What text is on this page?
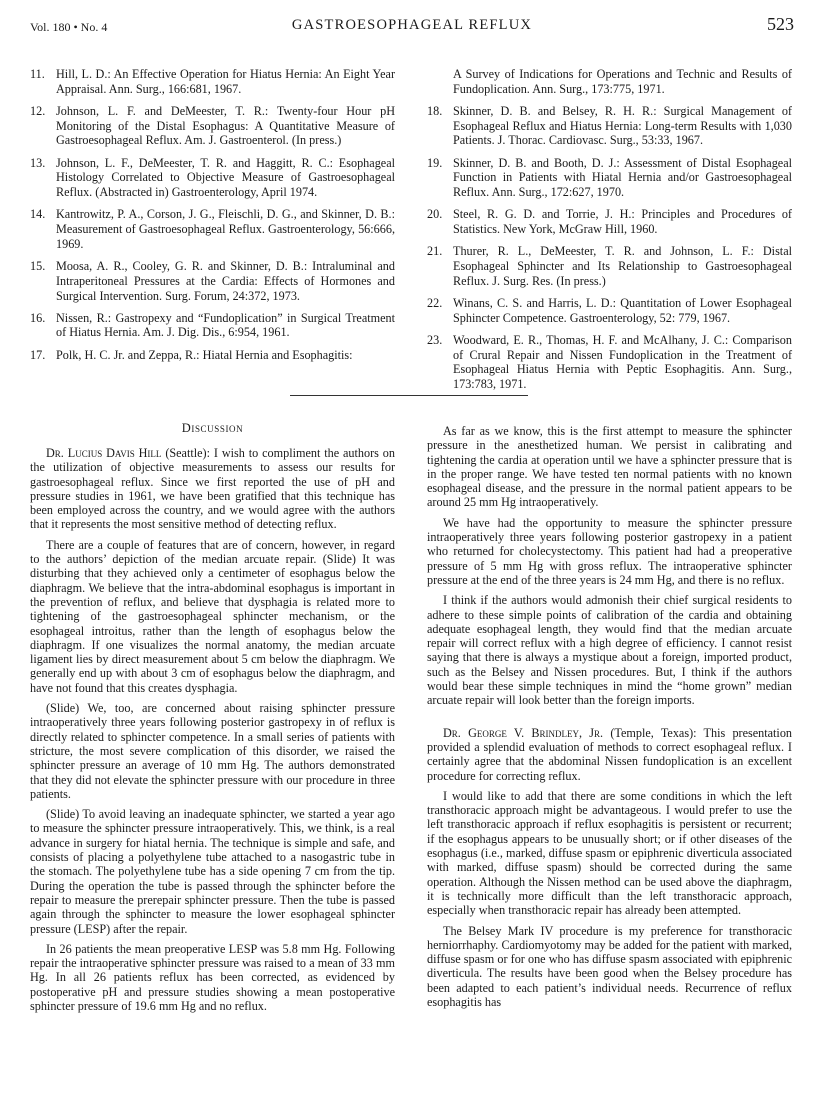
Vol. 180 • No. 4	GASTROESOPHAGEAL REFLUX	523
11. Hill, L. D.: An Effective Operation for Hiatus Hernia: An Eight Year Appraisal. Ann. Surg., 166:681, 1967.
12. Johnson, L. F. and DeMeester, T. R.: Twenty-four Hour pH Monitoring of the Distal Esophagus: A Quantitative Measure of Gastroesophageal Reflux. Am. J. Gastroenterol. (In press.)
13. Johnson, L. F., DeMeester, T. R. and Haggitt, R. C.: Esophageal Histology Correlated to Objective Measure of Gastroesophageal Reflux. (Abstracted in) Gastroenterology, April 1974.
14. Kantrowitz, P. A., Corson, J. G., Fleischli, D. G., and Skinner, D. B.: Measurement of Gastroesophageal Reflux. Gastroenterology, 56:666, 1969.
15. Moosa, A. R., Cooley, G. R. and Skinner, D. B.: Intraluminal and Intraperitoneal Pressures at the Cardia: Effects of Hormones and Surgical Intervention. Surg. Forum, 24:372, 1973.
16. Nissen, R.: Gastropexy and “Fundoplication” in Surgical Treatment of Hiatus Hernia. Am. J. Dig. Dis., 6:954, 1961.
17. Polk, H. C. Jr. and Zeppa, R.: Hiatal Hernia and Esophagitis:
A Survey of Indications for Operations and Technic and Results of Fundoplication. Ann. Surg., 173:775, 1971.
18. Skinner, D. B. and Belsey, R. H. R.: Surgical Management of Esophageal Reflux and Hiatus Hernia: Long-term Results with 1,030 Patients. J. Thorac. Cardiovasc. Surg., 53:33, 1967.
19. Skinner, D. B. and Booth, D. J.: Assessment of Distal Esophageal Function in Patients with Hiatal Hernia and/or Gastroesophageal Reflux. Ann. Surg., 172:627, 1970.
20. Steel, R. G. D. and Torrie, J. H.: Principles and Procedures of Statistics. New York, McGraw Hill, 1960.
21. Thurer, R. L., DeMeester, T. R. and Johnson, L. F.: Distal Esophageal Sphincter and Its Relationship to Gastroesophageal Reflux. J. Surg. Res. (In press.)
22. Winans, C. S. and Harris, L. D.: Quantitation of Lower Esophageal Sphincter Competence. Gastroenterology, 52: 779, 1967.
23. Woodward, E. R., Thomas, H. F. and McAlhany, J. C.: Comparison of Crural Repair and Nissen Fundoplication in the Treatment of Esophageal Hiatus Hernia with Peptic Esophagitis. Ann. Surg., 173:783, 1971.
Discussion

Dr. Lucius Davis Hill (Seattle): I wish to compliment the authors on the utilization of objective measurements to assess our results for gastroesophageal reflux. Since we first reported the use of pH and pressure studies in 1961, we have been gratified that this technique has been employed across the country, and we would agree with the authors that it represents the most sensitive method of detecting reflux.

There are a couple of features that are of concern, however, in regard to the authors’ depiction of the median arcuate repair. (Slide) It was disturbing that they achieved only a centimeter of esophagus below the diaphragm. We believe that the intra-abdominal esophagus is important in the prevention of reflux, and believe that dysphagia is related more to tightening of the gastroesophageal sphincter mechanism, or the esophageal introitus, rather than the length of esophagus below the diaphragm. If one visualizes the normal anatomy, the median arcuate ligament lies by direct measurement about 5 cm below the diaphragm. We generally end up with about 3 cm of esophagus below the diaphragm, and have not found that this creates dysphagia.

(Slide) We, too, are concerned about raising sphincter pressure intraoperatively three years following posterior gastropexy in of reflux is directly related to sphincter competence. In a small series of patients with stricture, the most severe complication of this disorder, we raised the sphincter pressure an average of 10 mm Hg. The authors demonstrated that they did not elevate the sphincter pressure with our procedure in three patients.

(Slide) To avoid leaving an inadequate sphincter, we started a year ago to measure the sphincter pressure intraoperatively. This, we think, is a real advance in surgery for hiatal hernia. The technique is simple and safe, and consists of placing a polyethylene tube attached to a nasogastric tube in the stomach. The polyethylene tube has a side opening 7 cm from the tip. During the operation the tube is passed through the sphincter before the repair to measure the prerepair sphincter pressure. Then the tube is passed again through the sphincter to measure the lower esophageal sphincter pressure (LESP) after the repair.

In 26 patients the mean preoperative LESP was 5.8 mm Hg. Following repair the intraoperative sphincter pressure was raised to a mean of 33 mm Hg. In all 26 patients reflux has been corrected, as evidenced by postoperative pH and pressure studies showing a mean postoperative sphincter pressure of 19.6 mm Hg and no reflux.

As far as we know, this is the first attempt to measure the sphincter pressure in the anesthetized human. We persist in calibrating and tightening the cardia at operation until we have a sphincter pressure that is in the proper range. We have tested ten normal patients with no known esophageal disease, and the pressure in the normal patient appears to be around 25 mm Hg intraoperatively.

We have had the opportunity to measure the sphincter pressure intraoperatively three years following posterior gastropexy in a patient who returned for cholecystectomy. This patient had had a preoperative pressure of 5 mm Hg with gross reflux. The intraoperative sphincter pressure at the end of the three years is 24 mm Hg, and there is no reflux.

I think if the authors would admonish their chief surgical residents to adhere to these simple points of calibration of the cardia and obtaining adequate esophageal length, they would find that the median arcuate repair will correct reflux with a high degree of efficiency. I cannot resist saying that there is always a mystique about a foreign, imported product, such as the Belsey and Nissen procedures. But, I think if the authors would bear these simple techniques in mind the “home grown” median arcuate repair will look better than the foreign imports.

Dr. George V. Brindley, Jr. (Temple, Texas): This presentation provided a splendid evaluation of methods to correct esophageal reflux. I certainly agree that the abdominal Nissen fundoplication is an excellent procedure for correcting reflux.

I would like to add that there are some conditions in which the left transthoracic approach might be advantageous. I would prefer to use the left transthoracic approach if reflux esophagitis is persistent or recurrent; if the esophagus appears to be unusually short; or if other diseases of the esophagus (i.e., marked, diffuse spasm or epiphrenic diverticula associated with marked, diffuse spasm) should be corrected during the same operation. Although the Nissen method can be used above the diaphragm, it is technically more difficult than the left transthoracic approach, especially when transthoracic repair has already been attempted.

The Belsey Mark IV procedure is my preference for transthoracic herniorrhaphy. Cardiomyotomy may be added for the patient with marked, diffuse spasm or for one who has diffuse spasm associated with epiphrenic diverticula. The results have been good when the Belsey procedure has been adapted to each patient’s individual needs. Recurrence of reflux esophagitis has
